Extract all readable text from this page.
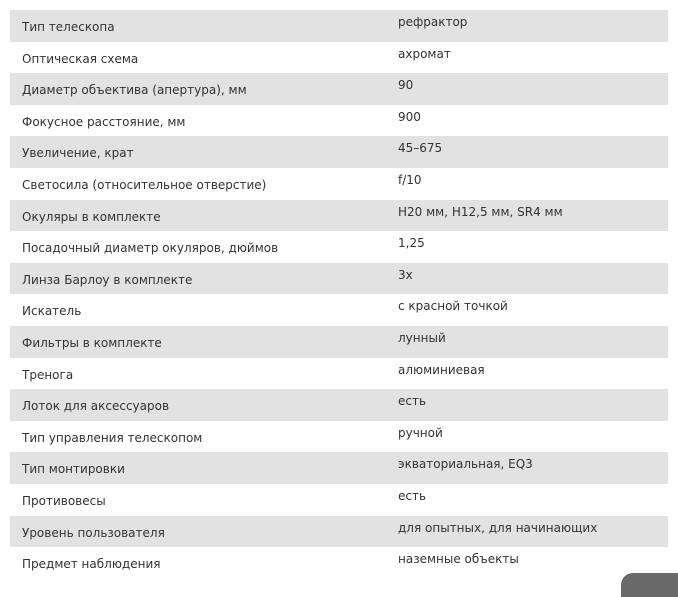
Тип телескопа	рефрактор
Оптическая схема	ахромат
Диаметр объектива (апертура), мм	90
Фокусное расстояние, мм	900
Увеличение, крат	45–675
Светосила (относительное отверстие)	f/10
Окуляры в комплекте	H20 мм, H12,5 мм, SR4 мм
Посадочный диаметр окуляров, дюймов	1,25
Линза Барлоу в комплекте	3x
Искатель	с красной точкой
Фильтры в комплекте	лунный
Тренога	алюминиевая
Лоток для аксессуаров	есть
Тип управления телескопом	ручной
Тип монтировки	экваториальная, EQ3
Противовесы	есть
Уровень пользователя	для опытных, для начинающих
Предмет наблюдения	наземные объекты
